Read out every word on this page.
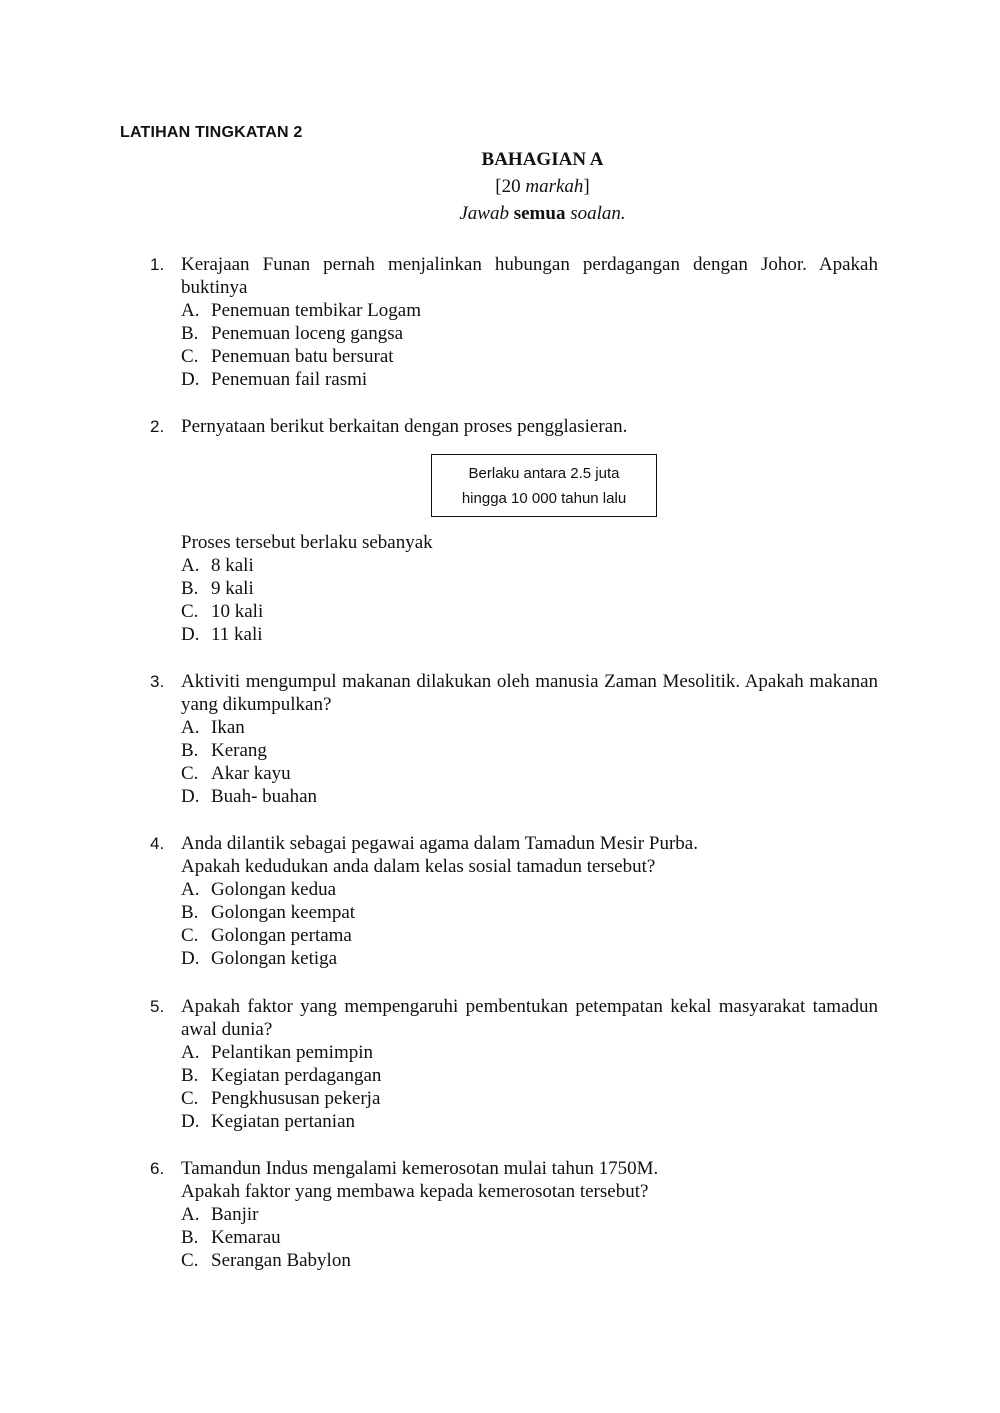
LATIHAN TINGKATAN 2
BAHAGIAN A
[20 markah]
Jawab semua soalan.
1. Kerajaan Funan pernah menjalinkan hubungan perdagangan dengan Johor. Apakah buktinya
A. Penemuan tembikar Logam
B. Penemuan loceng gangsa
C. Penemuan batu bersurat
D. Penemuan fail rasmi
2. Pernyataan berikut berkaitan dengan proses pengglasieran.
Berlaku antara 2.5 juta
hingga 10 000 tahun lalu
Proses tersebut berlaku sebanyak
A. 8 kali
B. 9 kali
C. 10 kali
D. 11 kali
3. Aktiviti mengumpul makanan dilakukan oleh manusia Zaman Mesolitik. Apakah makanan yang dikumpulkan?
A. Ikan
B. Kerang
C. Akar kayu
D. Buah- buahan
4. Anda dilantik sebagai pegawai agama dalam Tamadun Mesir Purba.
Apakah kedudukan anda dalam kelas sosial tamadun tersebut?
A. Golongan kedua
B. Golongan keempat
C. Golongan pertama
D. Golongan ketiga
5. Apakah faktor yang mempengaruhi pembentukan petempatan kekal masyarakat tamadun awal dunia?
A. Pelantikan pemimpin
B. Kegiatan perdagangan
C. Pengkhususan pekerja
D. Kegiatan pertanian
6. Tamandun Indus mengalami kemerosotan mulai tahun 1750M.
Apakah faktor yang membawa kepada kemerosotan tersebut?
A. Banjir
B. Kemarau
C. Serangan Babylon
